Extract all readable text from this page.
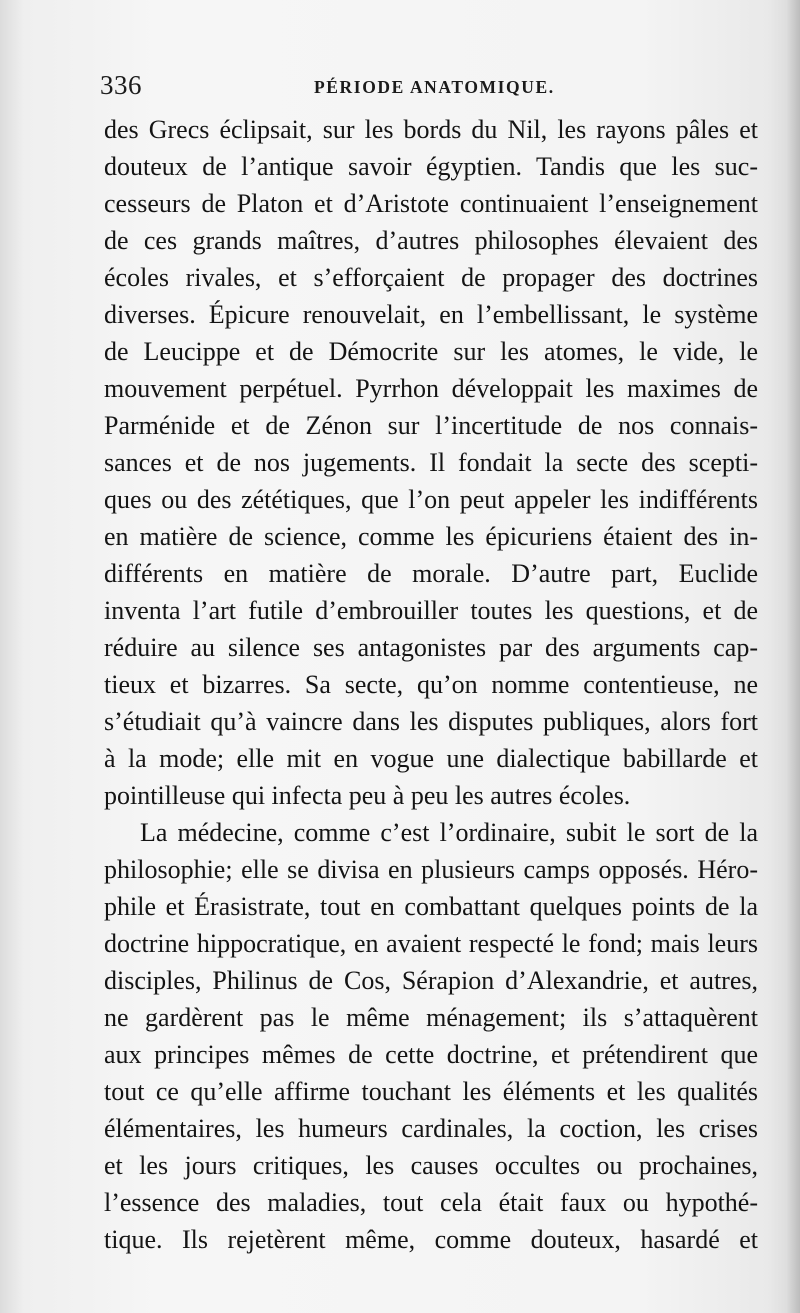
336	PÉRIODE ANATOMIQUE.
des Grecs éclipsait, sur les bords du Nil, les rayons pâles et
douteux de l’antique savoir égyptien. Tandis que les suc-
cesseurs de Platon et d’Aristote continuaient l’enseignement
de ces grands maîtres, d’autres philosophes élevaient des
écoles rivales, et s’efforçaient de propager des doctrines
diverses. Épicure renouvelait, en l’embellissant, le système
de Leucippe et de Démocrite sur les atomes, le vide, le
mouvement perpétuel. Pyrrhon développait les maximes de
Parménide et de Zénon sur l’incertitude de nos connais-
sances et de nos jugements. Il fondait la secte des scepti-
ques ou des zététiques, que l’on peut appeler les indifférents
en matière de science, comme les épicuriens étaient des in-
différents en matière de morale. D’autre part, Euclide
inventa l’art futile d’embrouiller toutes les questions, et de
réduire au silence ses antagonistes par des arguments cap-
tieux et bizarres. Sa secte, qu’on nomme contentieuse, ne
s’étudiait qu’à vaincre dans les disputes publiques, alors fort
à la mode; elle mit en vogue une dialectique babillarde et
pointilleuse qui infecta peu à peu les autres écoles.
La médecine, comme c’est l’ordinaire, subit le sort de la
philosophie; elle se divisa en plusieurs camps opposés. Héro-
phile et Érasistrate, tout en combattant quelques points de la
doctrine hippocratique, en avaient respecté le fond; mais leurs
disciples, Philinus de Cos, Sérapion d’Alexandrie, et autres,
ne gardèrent pas le même ménagement; ils s’attaquèrent
aux principes mêmes de cette doctrine, et prétendirent que
tout ce qu’elle affirme touchant les éléments et les qualités
élémentaires, les humeurs cardinales, la coction, les crises
et les jours critiques, les causes occultes ou prochaines,
l’essence des maladies, tout cela était faux ou hypothé-
tique. Ils rejetèrent même, comme douteux, hasardé et
